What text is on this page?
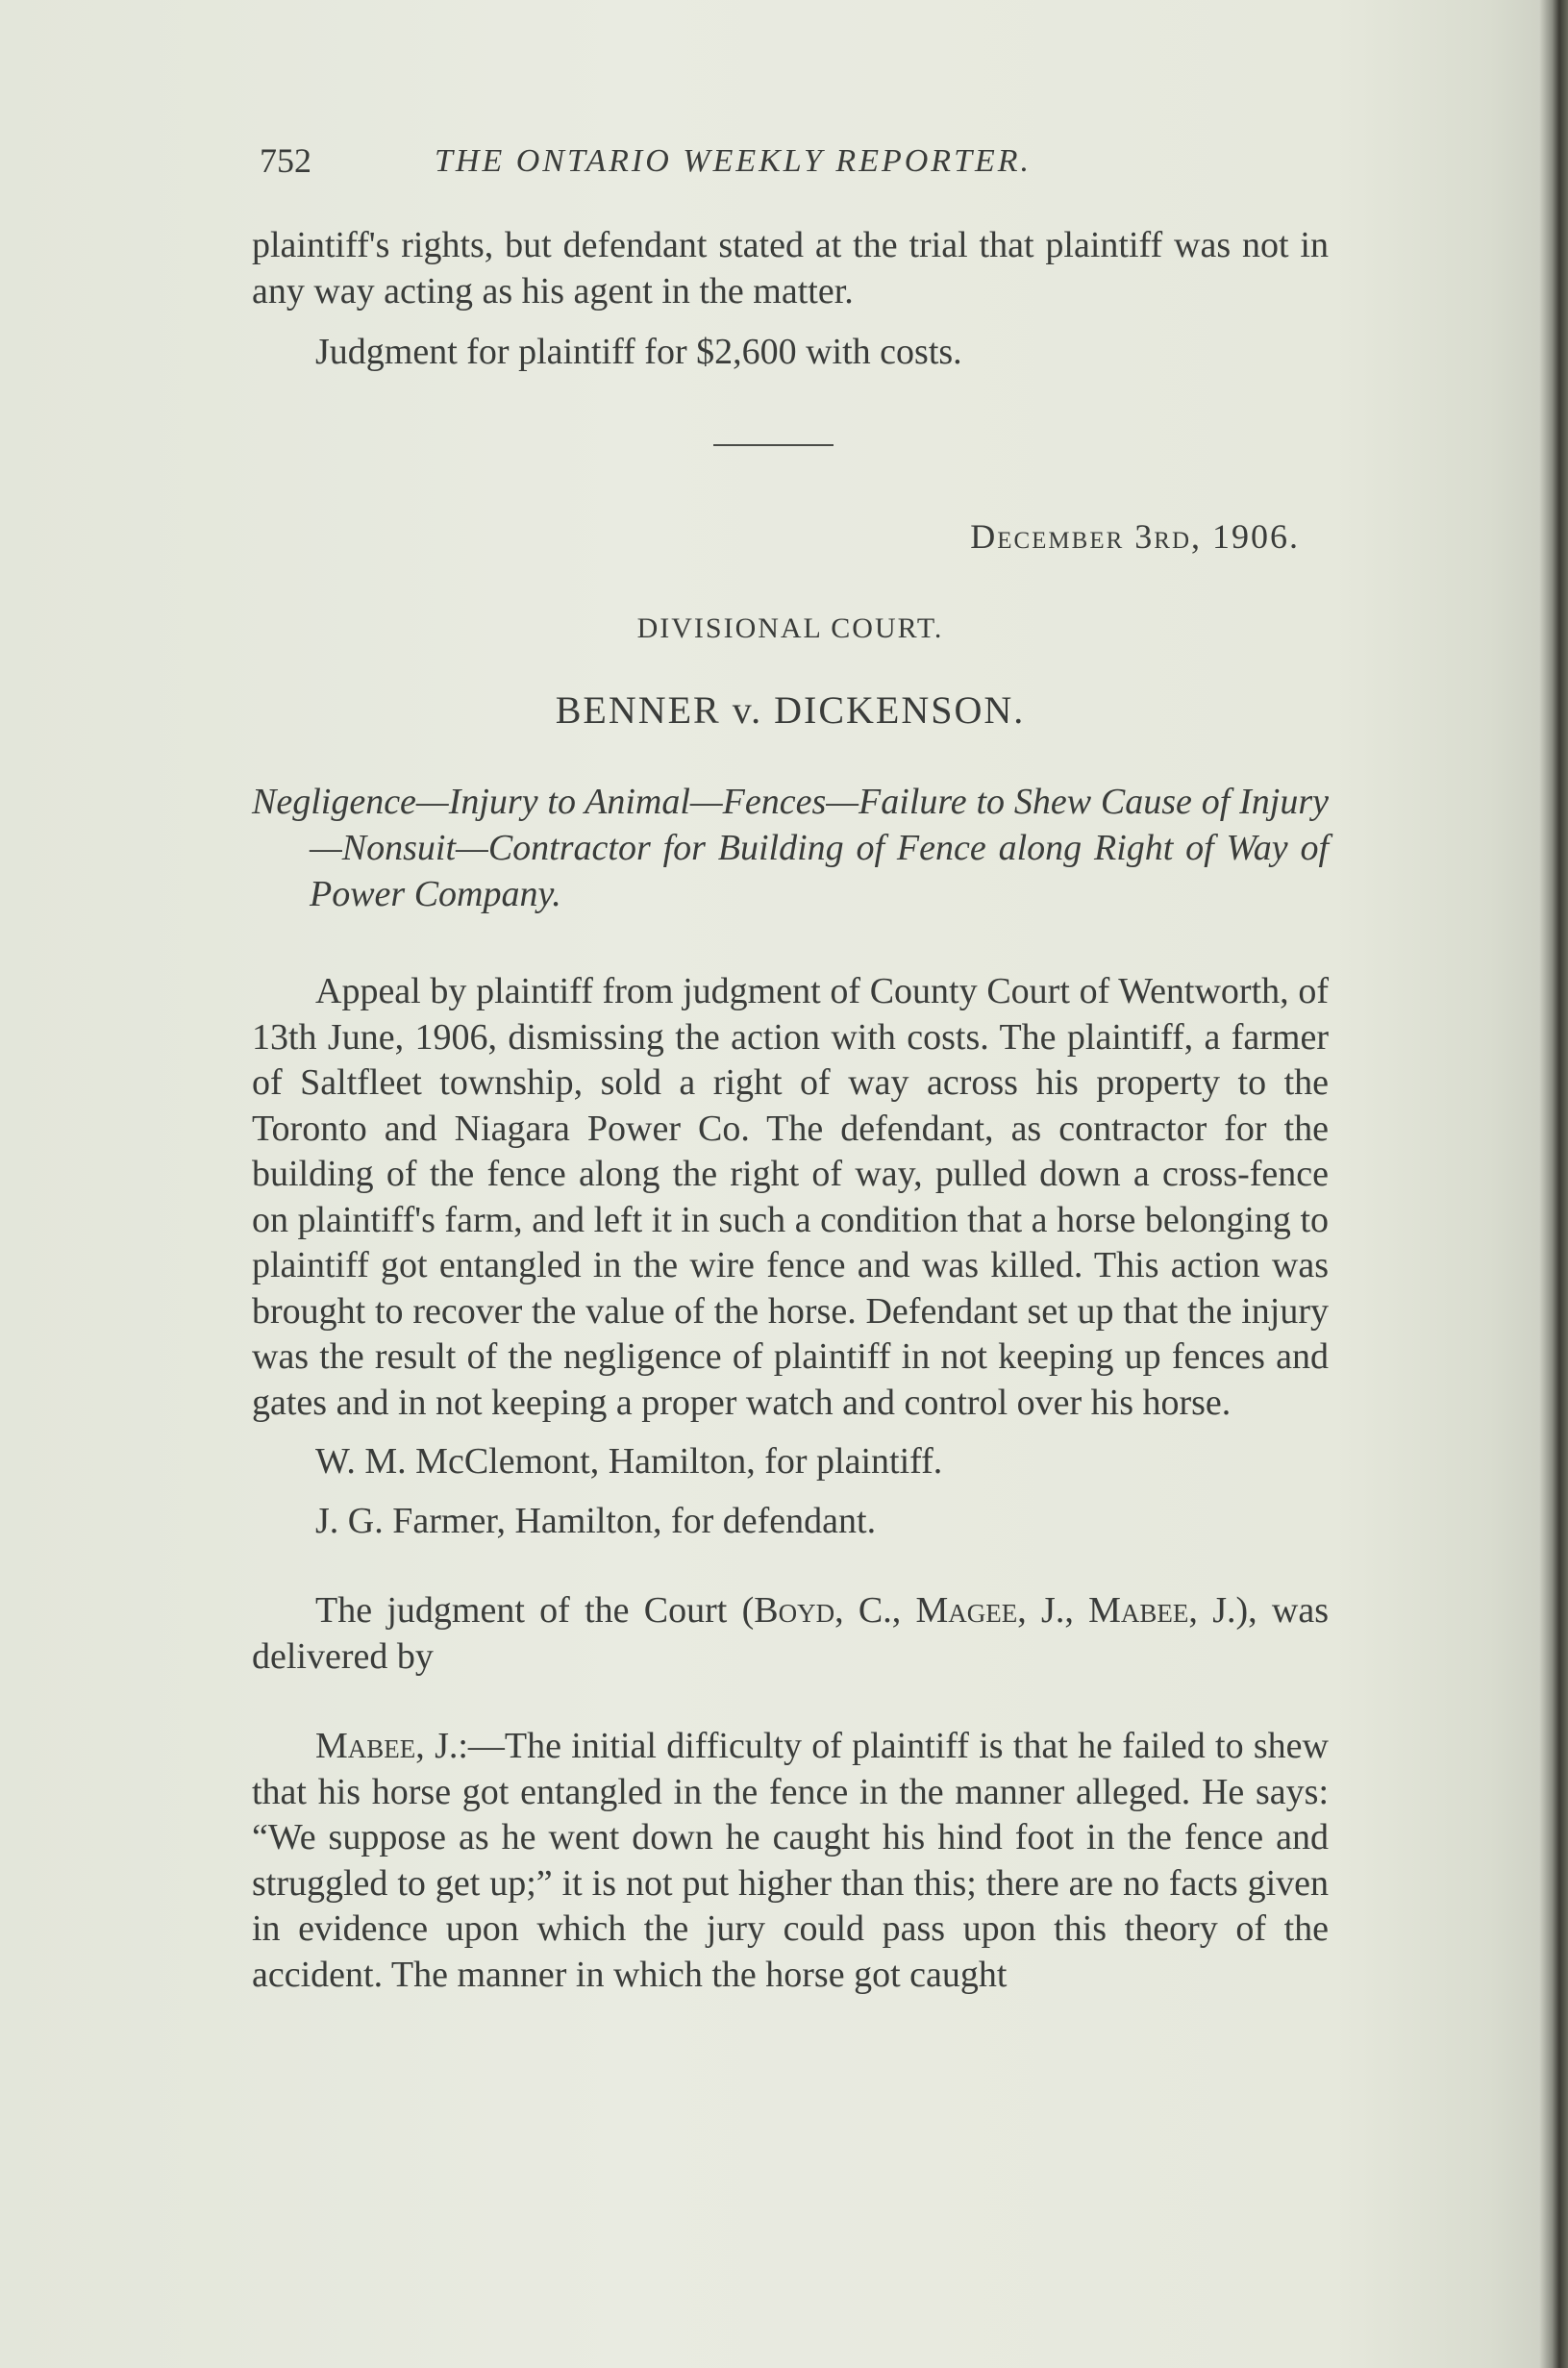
752	THE ONTARIO WEEKLY REPORTER.

plaintiff's rights, but defendant stated at the trial that plaintiff was not in any way acting as his agent in the matter.

Judgment for plaintiff for $2,600 with costs.

December 3rd, 1906.
DIVISIONAL COURT.
BENNER v. DICKENSON.

Negligence—Injury to Animal—Fences—Failure to Shew Cause of Injury—Nonsuit—Contractor for Building of Fence along Right of Way of Power Company.

Appeal by plaintiff from judgment of County Court of Wentworth, of 13th June, 1906, dismissing the action with costs. The plaintiff, a farmer of Saltfleet township, sold a right of way across his property to the Toronto and Niagara Power Co. The defendant, as contractor for the building of the fence along the right of way, pulled down a cross-fence on plaintiff's farm, and left it in such a condition that a horse belonging to plaintiff got entangled in the wire fence and was killed. This action was brought to recover the value of the horse. Defendant set up that the injury was the result of the negligence of plaintiff in not keeping up fences and gates and in not keeping a proper watch and control over his horse.

W. M. McClemont, Hamilton, for plaintiff.

J. G. Farmer, Hamilton, for defendant.

The judgment of the Court (Boyd, C., Magee, J., Mabee, J.), was delivered by

Mabee, J.:—The initial difficulty of plaintiff is that he failed to shew that his horse got entangled in the fence in the manner alleged. He says: “We suppose as he went down he caught his hind foot in the fence and struggled to get up;” it is not put higher than this; there are no facts given in evidence upon which the jury could pass upon this theory of the accident. The manner in which the horse got caught
